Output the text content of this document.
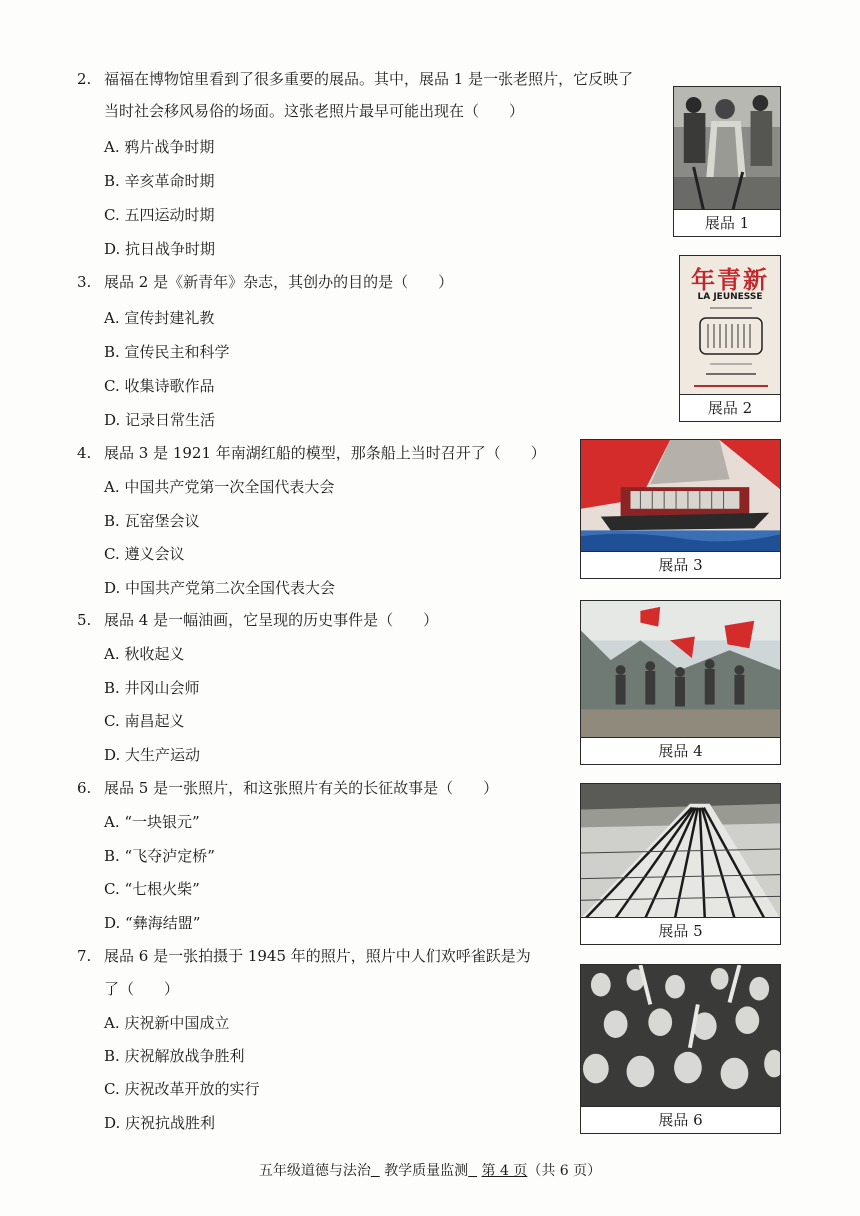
2. 福福在博物馆里看到了很多重要的展品。其中，展品 1 是一张老照片，它反映了
当时社会移风易俗的场面。这张老照片最早可能出现在（　　）
A. 鸦片战争时期
B. 辛亥革命时期
C. 五四运动时期
D. 抗日战争时期
3. 展品 2 是《新青年》杂志，其创办的目的是（　　）
A. 宣传封建礼教
B. 宣传民主和科学
C. 收集诗歌作品
D. 记录日常生活
4. 展品 3 是 1921 年南湖红船的模型，那条船上当时召开了（　　）
A. 中国共产党第一次全国代表大会
B. 瓦窑堡会议
C. 遵义会议
D. 中国共产党第二次全国代表大会
5. 展品 4 是一幅油画，它呈现的历史事件是（　　）
A. 秋收起义
B. 井冈山会师
C. 南昌起义
D. 大生产运动
6. 展品 5 是一张照片，和这张照片有关的长征故事是（　　）
A. “一块银元”
B. “飞夺泸定桥”
C. “七根火柴”
D. “彝海结盟”
7. 展品 6 是一张拍摄于 1945 年的照片，照片中人们欢呼雀跃是为
了（　　）
A. 庆祝新中国成立
B. 庆祝解放战争胜利
C. 庆祝改革开放的实行
D. 庆祝抗战胜利
展品 1
年青新
LA JEUNESSE
展品 2
展品 3
展品 4
展品 5
展品 6
五年级道德与法治 教学质量监测 第 4 页（共 6 页）
